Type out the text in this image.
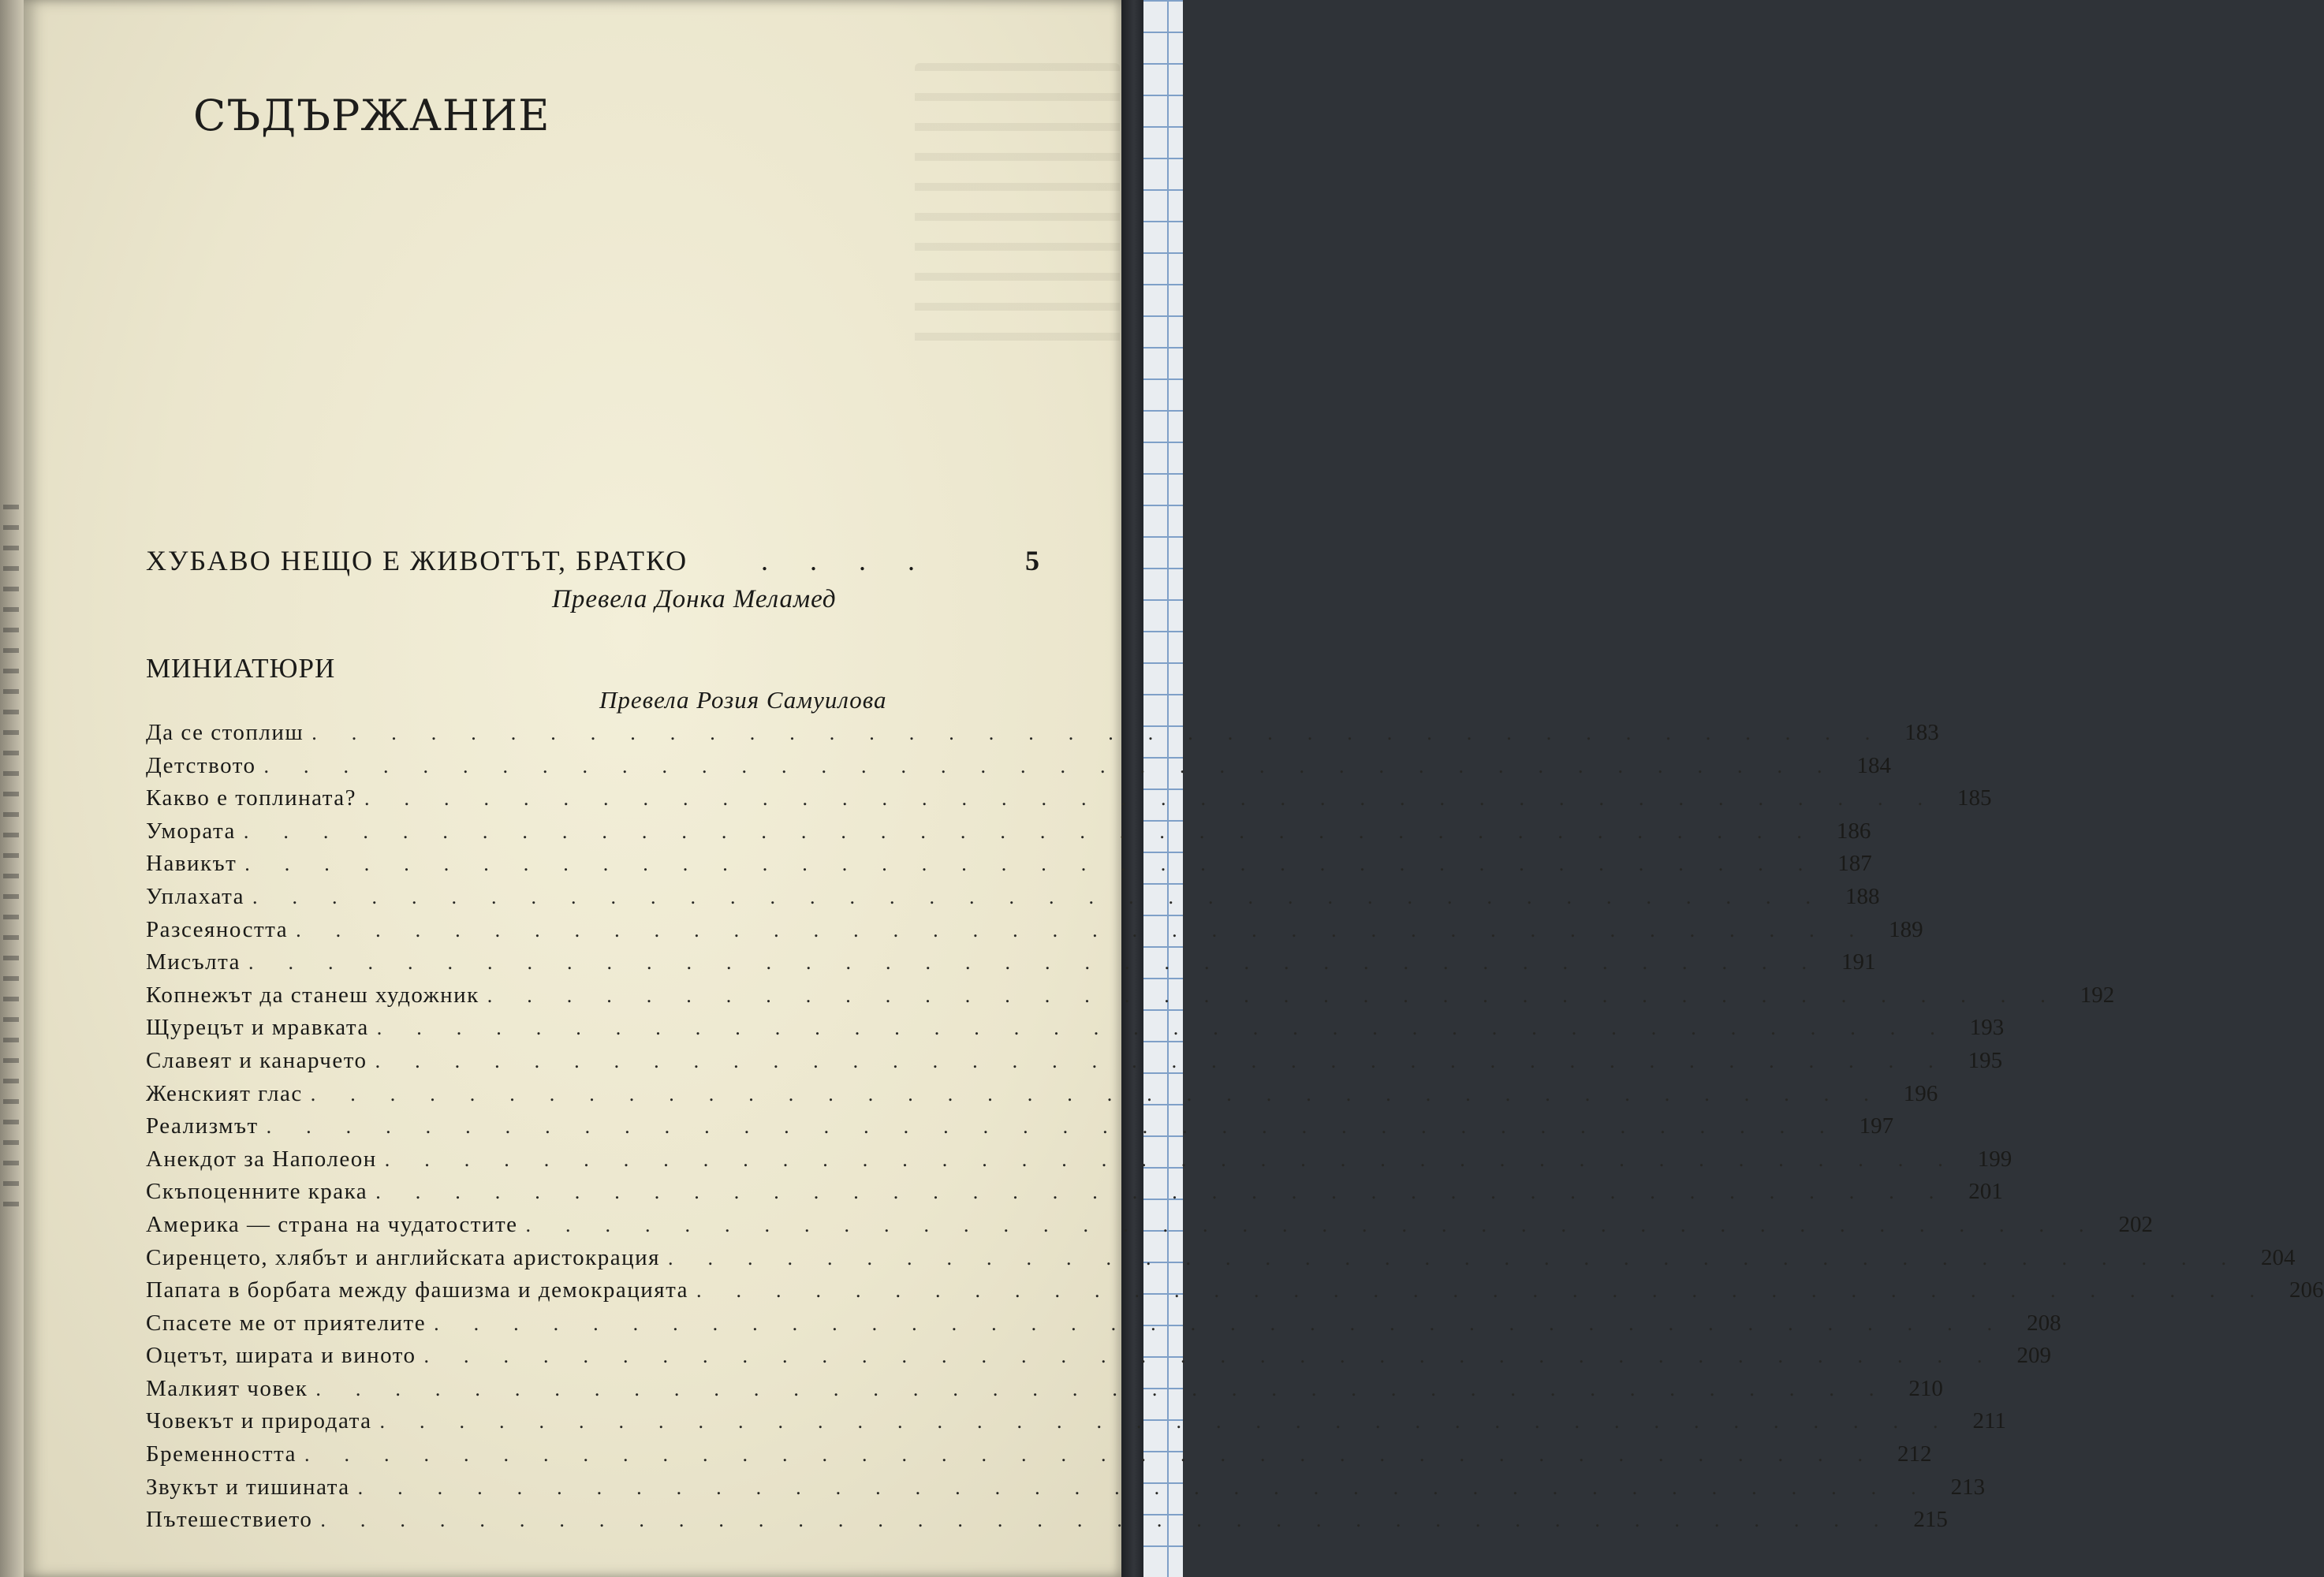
СЪДЪРЖАНИЕ
ХУБАВО НЕЩО Е ЖИВОТЪТ, БРАТКО	. . . .	5
Превела Донка Меламед
МИНИАТЮРИ
Превела Розия Самуилова
Да се стоплиш ........................................ 183
Детството ........................................ 184
Какво е топлината? ........................................ 185
Умората ........................................ 186
Навикът ........................................ 187
Уплахата ........................................ 188
Разсеяността ........................................ 189
Мисълта ........................................ 191
Копнежът да станеш художник ........................................ 192
Щурецът и мравката ........................................ 193
Славеят и канарчето ........................................ 195
Женският глас ........................................ 196
Реализмът ........................................ 197
Анекдот за Наполеон ........................................ 199
Скъпоценните крака ........................................ 201
Америка — страна на чудатостите ........................................ 202
Сиренцето, хлябът и английската аристокрация ........................................ 204
Папата в борбата между фашизма и демокрацията ........................................ 206
Спасете ме от приятелите ........................................ 208
Оцетът, ширата и виното ........................................ 209
Малкият човек ........................................ 210
Човекът и природата ........................................ 211
Бременността ........................................ 212
Звукът и тишината ........................................ 213
Пътешествието ........................................ 215
